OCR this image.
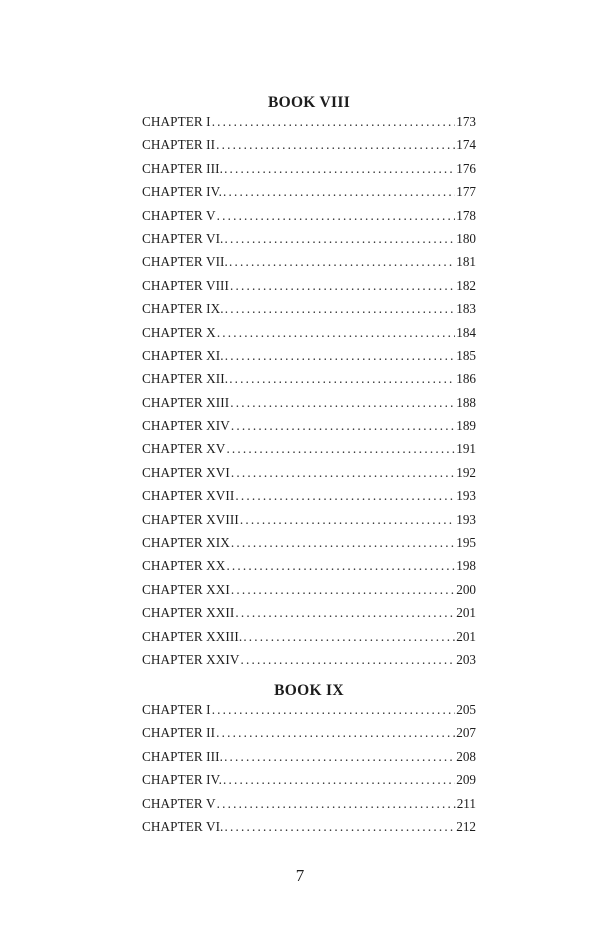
BOOK VIII
CHAPTER I .....	173
CHAPTER II .....	174
CHAPTER III. .....	176
CHAPTER IV. .....	177
CHAPTER V .....	178
CHAPTER VI. .....	180
CHAPTER VII. .....	181
CHAPTER VIII .....	182
CHAPTER IX. .....	183
CHAPTER X .....	184
CHAPTER XI. .....	185
CHAPTER XII. .....	186
CHAPTER XIII .....	188
CHAPTER XIV .....	189
CHAPTER XV .....	191
CHAPTER XVI .....	192
CHAPTER XVII .....	193
CHAPTER XVIII .....	193
CHAPTER XIX .....	195
CHAPTER XX .....	198
CHAPTER XXI .....	200
CHAPTER XXII .....	201
CHAPTER XXIII. .....	201
CHAPTER XXIV .....	203
BOOK IX
CHAPTER I .....	205
CHAPTER II .....	207
CHAPTER III. .....	208
CHAPTER IV. .....	209
CHAPTER V .....	211
CHAPTER VI. .....	212
7
